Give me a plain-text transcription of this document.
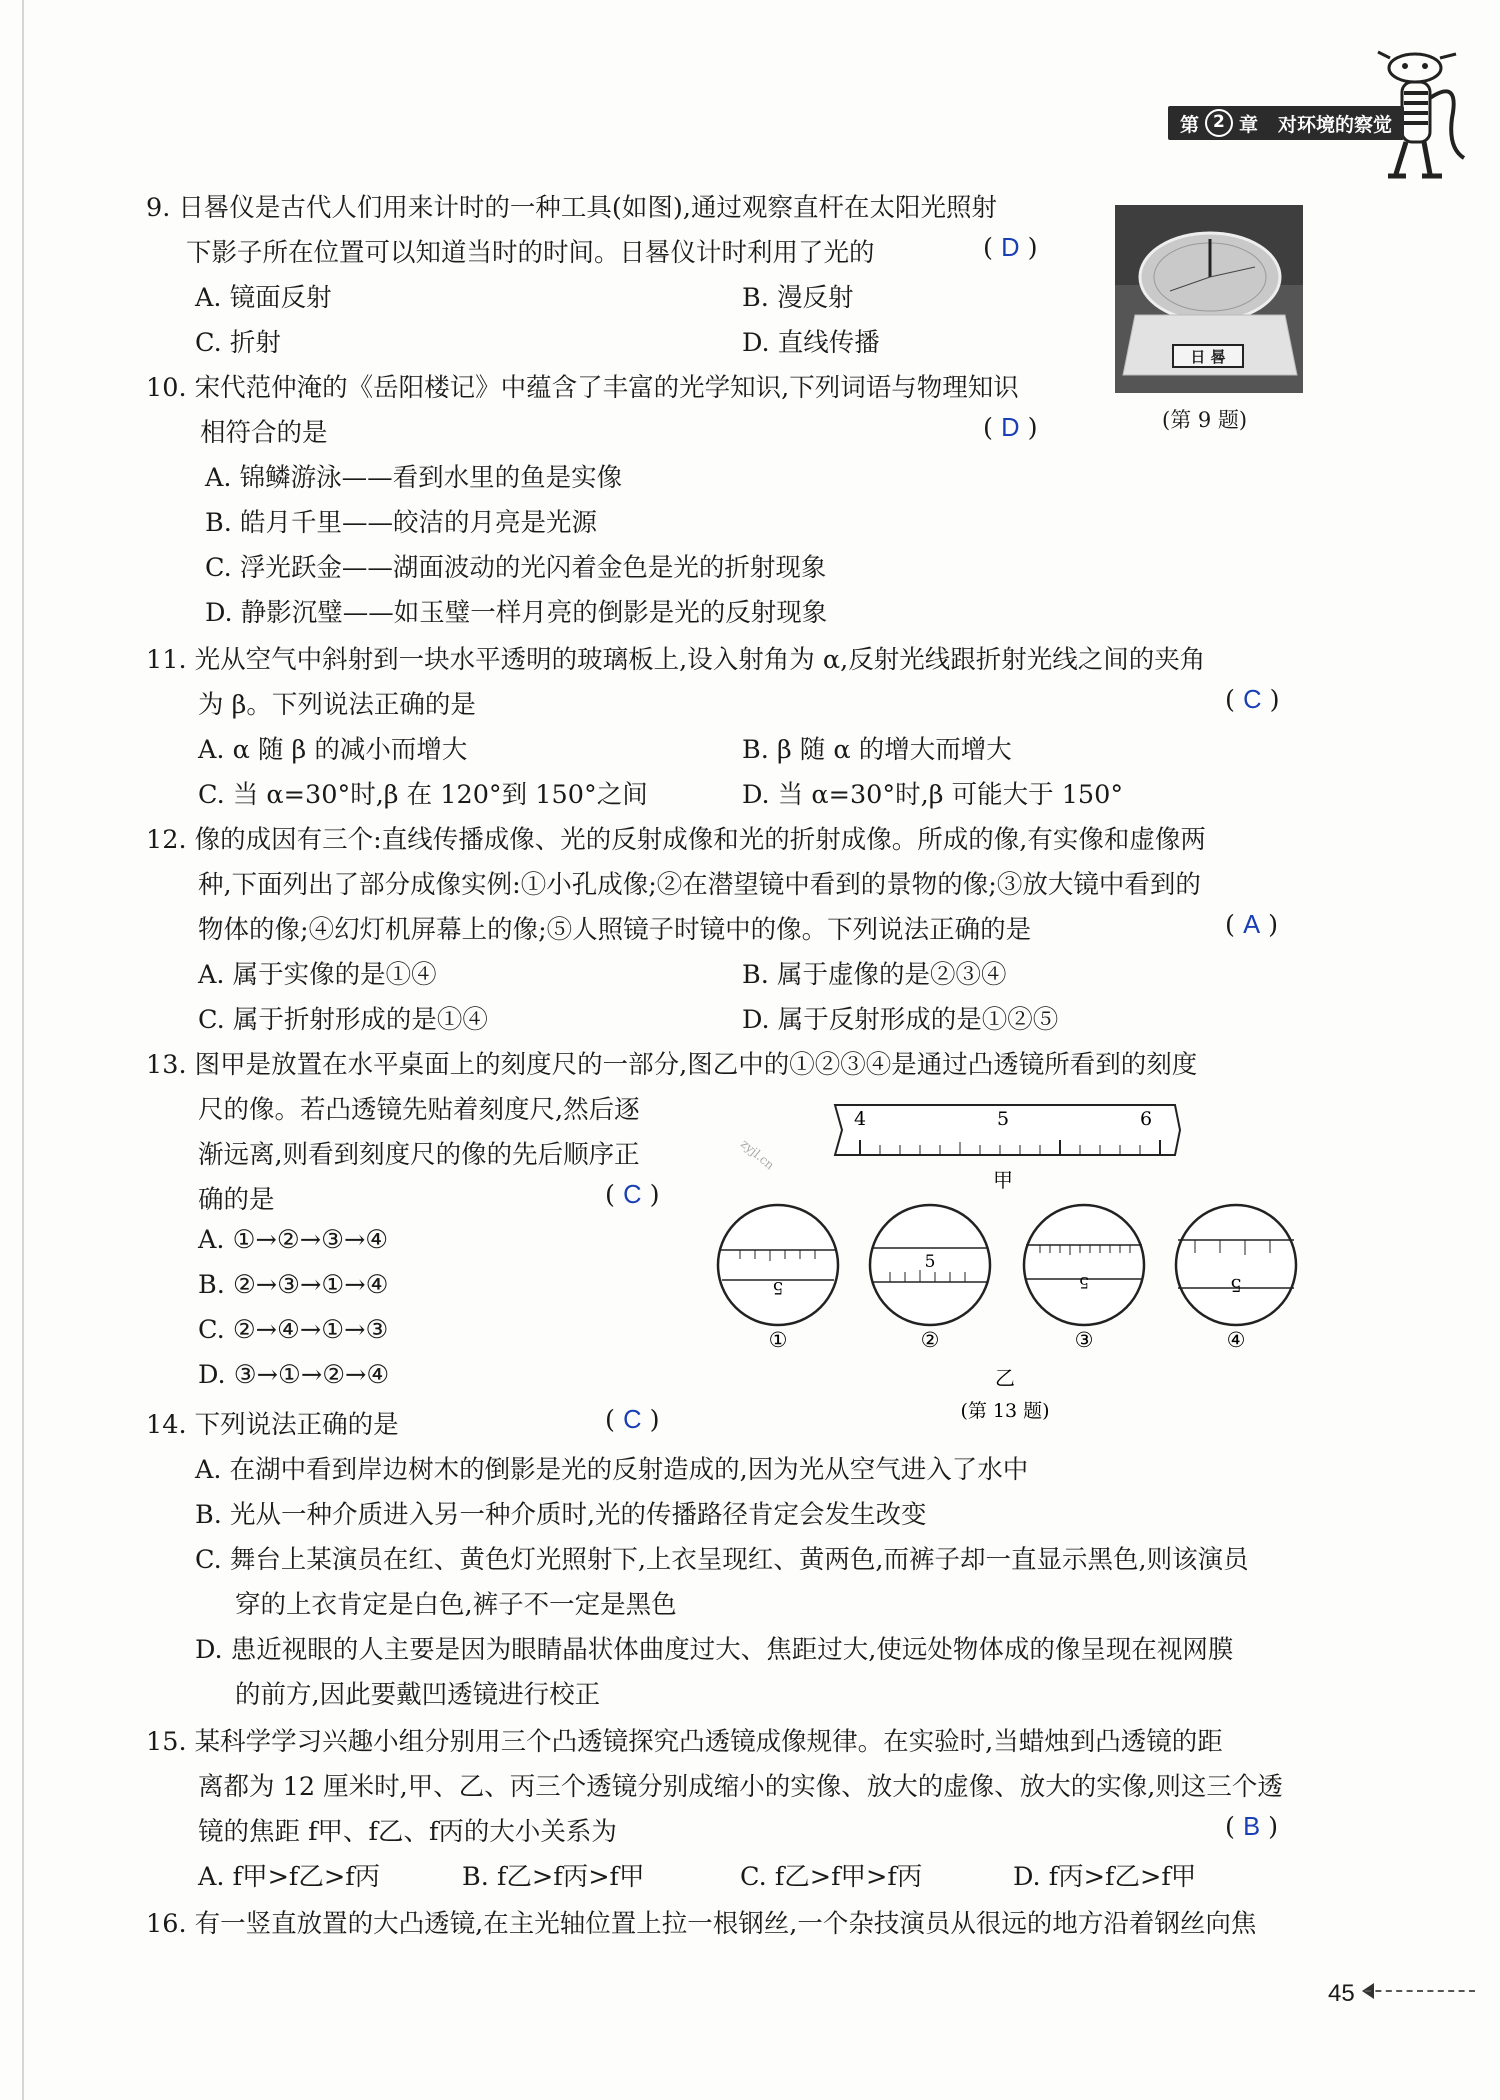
第 2 章 对环境的察觉
9. 日晷仪是古代人们用来计时的一种工具(如图),通过观察直杆在太阳光照射
下影子所在位置可以知道当时的时间。日晷仪计时利用了光的	( D )
A. 镜面反射	B. 漫反射
C. 折射	D. 直线传播	日 晷
(第 9 题)
10. 宋代范仲淹的《岳阳楼记》中蕴含了丰富的光学知识,下列词语与物理知识
相符合的是	( D )
A. 锦鳞游泳——看到水里的鱼是实像
B. 皓月千里——皎洁的月亮是光源
C. 浮光跃金——湖面波动的光闪着金色是光的折射现象
D. 静影沉璧——如玉璧一样月亮的倒影是光的反射现象
11. 光从空气中斜射到一块水平透明的玻璃板上,设入射角为 α,反射光线跟折射光线之间的夹角
为 β。下列说法正确的是	( C )
A. α 随 β 的减小而增大	B. β 随 α 的增大而增大
C. 当 α=30°时,β 在 120°到 150°之间	D. 当 α=30°时,β 可能大于 150°
12. 像的成因有三个:直线传播成像、光的反射成像和光的折射成像。所成的像,有实像和虚像两
种,下面列出了部分成像实例:①小孔成像;②在潜望镜中看到的景物的像;③放大镜中看到的
物体的像;④幻灯机屏幕上的像;⑤人照镜子时镜中的像。下列说法正确的是	( A )
A. 属于实像的是①④	B. 属于虚像的是②③④
C. 属于折射形成的是①④	D. 属于反射形成的是①②⑤
13. 图甲是放置在水平桌面上的刻度尺的一部分,图乙中的①②③④是通过凸透镜所看到的刻度
尺的像。若凸透镜先贴着刻度尺,然后逐
渐远离,则看到刻度尺的像的先后顺序正
确的是	( C )
A. ①→②→③→④
B. ②→③→①→④
C. ②→④→①→③
D. ③→①→②→④
4	5	6
甲
zyjl.cn
5
5
5	5
①	②	③	④
乙
(第 13 题)
14. 下列说法正确的是	( C )
A. 在湖中看到岸边树木的倒影是光的反射造成的,因为光从空气进入了水中
B. 光从一种介质进入另一种介质时,光的传播路径肯定会发生改变
C. 舞台上某演员在红、黄色灯光照射下,上衣呈现红、黄两色,而裤子却一直显示黑色,则该演员
穿的上衣肯定是白色,裤子不一定是黑色
D. 患近视眼的人主要是因为眼睛晶状体曲度过大、焦距过大,使远处物体成的像呈现在视网膜
的前方,因此要戴凹透镜进行校正
15. 某科学学习兴趣小组分别用三个凸透镜探究凸透镜成像规律。在实验时,当蜡烛到凸透镜的距
离都为 12 厘米时,甲、乙、丙三个透镜分别成缩小的实像、放大的虚像、放大的实像,则这三个透
镜的焦距 f甲、f乙、f丙的大小关系为	( B )
A. f甲>f乙>f丙	B. f乙>f丙>f甲	C. f乙>f甲>f丙	D. f丙>f乙>f甲
16. 有一竖直放置的大凸透镜,在主光轴位置上拉一根钢丝,一个杂技演员从很远的地方沿着钢丝向焦
45
